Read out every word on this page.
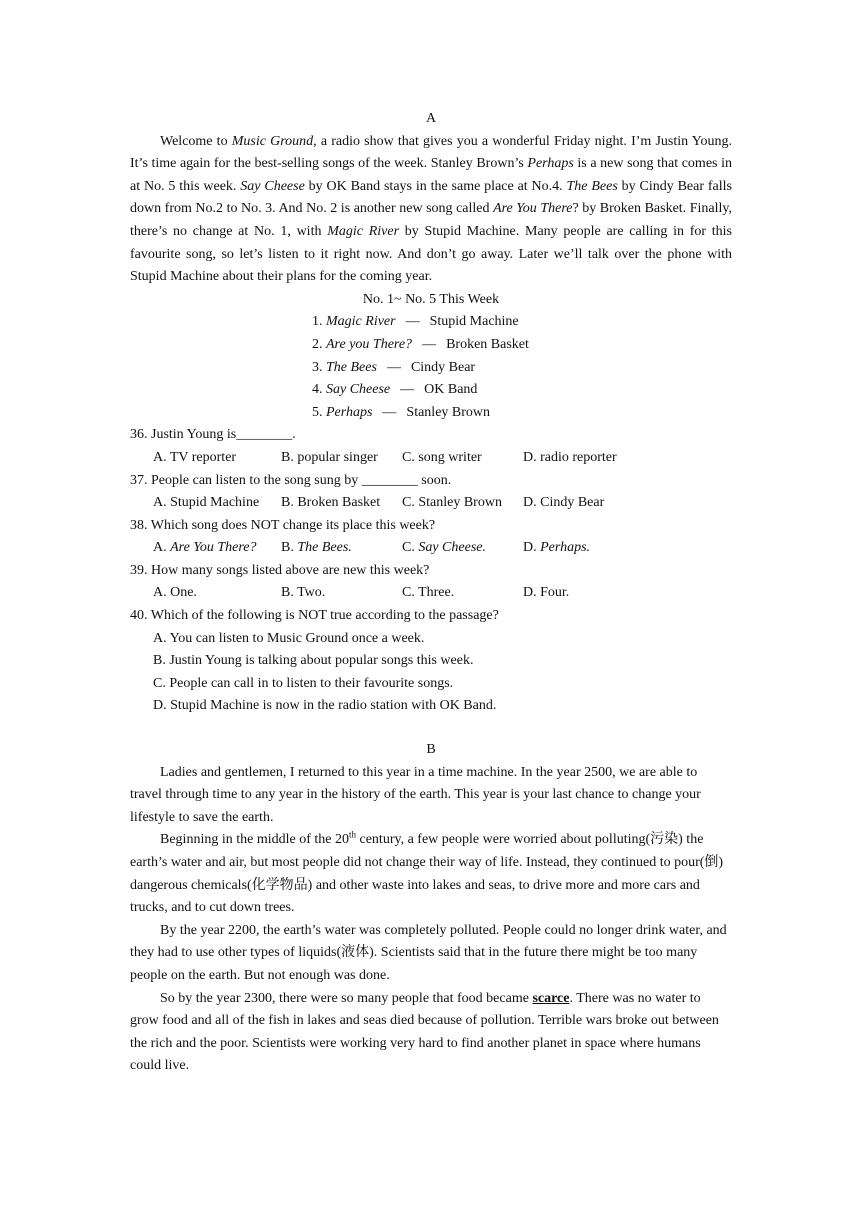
A

Welcome to Music Ground, a radio show that gives you a wonderful Friday night. I’m Justin Young. It’s time again for the best-selling songs of the week. Stanley Brown’s Perhaps is a new song that comes in at No. 5 this week. Say Cheese by OK Band stays in the same place at No.4. The Bees by Cindy Bear falls down from No.2 to No. 3. And No. 2 is another new song called Are You There? by Broken Basket. Finally, there’s no change at No. 1, with Magic River by Stupid Machine. Many people are calling in for this favourite song, so let’s listen to it right now. And don’t go away. Later we’ll talk over the phone with Stupid Machine about their plans for the coming year.

No. 1~ No. 5 This Week

1. Magic River — Stupid Machine

2. Are you There? — Broken Basket

3. The Bees — Cindy Bear

4. Say Cheese — OK Band

5. Perhaps — Stanley Brown

36. Justin Young is________.

A. TV reporter	B. popular singer	C. song writer	D. radio reporter

37. People can listen to the song sung by ________ soon.

A. Stupid Machine	B. Broken Basket	C. Stanley Brown	D. Cindy Bear

38. Which song does NOT change its place this week?

A. Are You There?	B. The Bees.	C. Say Cheese.	D. Perhaps.

39. How many songs listed above are new this week?

A. One.	B. Two.	C. Three.	D. Four.

40. Which of the following is NOT true according to the passage?

A. You can listen to Music Ground once a week.

B. Justin Young is talking about popular songs this week.

C. People can call in to listen to their favourite songs.

D. Stupid Machine is now in the radio station with OK Band.

B

Ladies and gentlemen, I returned to this year in a time machine. In the year 2500, we are able to travel through time to any year in the history of the earth. This year is your last chance to change your lifestyle to save the earth.

Beginning in the middle of the 20th century, a few people were worried about polluting(污染) the earth’s water and air, but most people did not change their way of life. Instead, they continued to pour(倒) dangerous chemicals(化学物品) and other waste into lakes and seas, to drive more and more cars and trucks, and to cut down trees.

By the year 2200, the earth’s water was completely polluted. People could no longer drink water, and they had to use other types of liquids(液体). Scientists said that in the future there might be too many people on the earth. But not enough was done.

So by the year 2300, there were so many people that food became scarce. There was no water to grow food and all of the fish in lakes and seas died because of pollution. Terrible wars broke out between the rich and the poor. Scientists were working very hard to find another planet in space where humans could live.
